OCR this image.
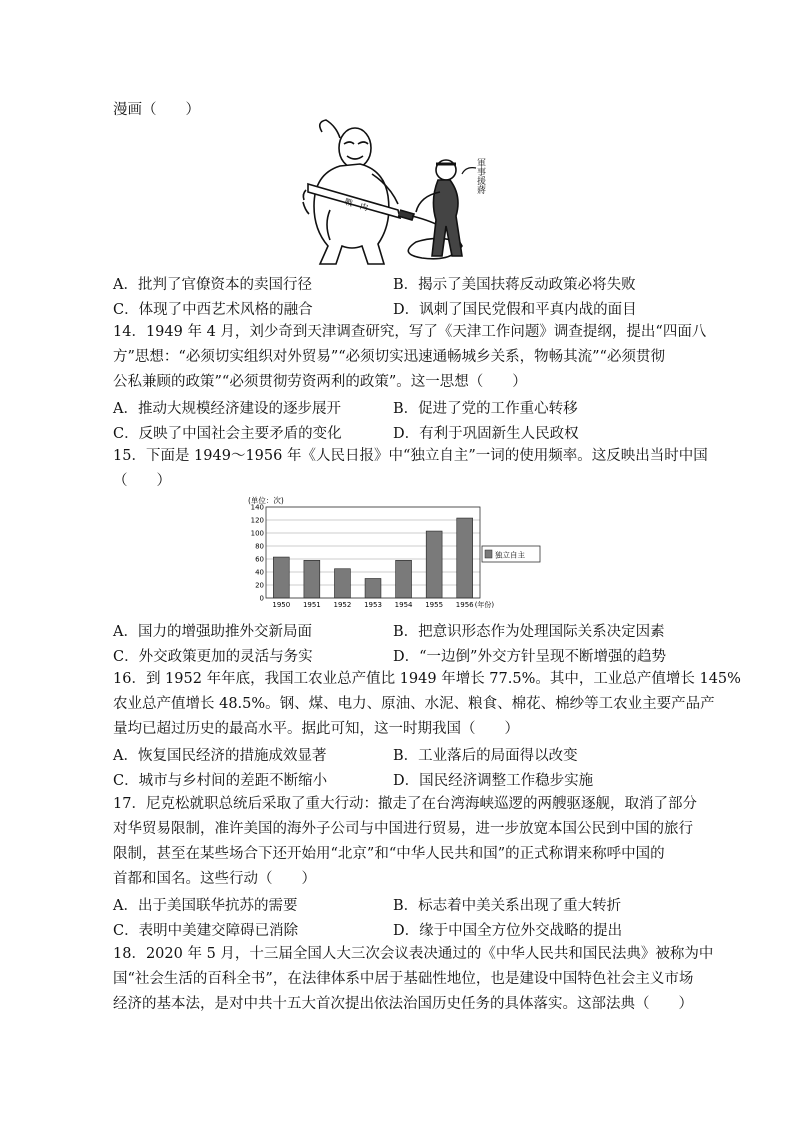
漫画（　　）
戰　内
軍事援蔣
A．批判了官僚资本的卖国行径	B．揭示了美国扶蒋反动政策必将失败
C．体现了中西艺术风格的融合	D．讽刺了国民党假和平真内战的面目
14．1949 年 4 月，刘少奇到天津调查研究，写了《天津工作问题》调查提纲，提出“四面八
方”思想：“必须切实组织对外贸易”“必须切实迅速通畅城乡关系，物畅其流”“必须贯彻
公私兼顾的政策”“必须贯彻劳资两利的政策”。这一思想（　　）
A．推动大规模经济建设的逐步展开	B．促进了党的工作重心转移
C．反映了中国社会主要矛盾的变化	D．有利于巩固新生人民政权
15．下面是 1949～1956 年《人民日报》中“独立自主”一词的使用频率。这反映出当时中国
（　　）
(单位：次)
0
20
40
60
80
100
120
140
1950 1951 1952 1953 1954 1955 1956 (年份)
独立自主
A．国力的增强助推外交新局面	B．把意识形态作为处理国际关系决定因素
C．外交政策更加的灵活与务实	D．“一边倒”外交方针呈现不断增强的趋势
16．到 1952 年年底，我国工农业总产值比 1949 年增长 77.5%。其中，工业总产值增长 145%
农业总产值增长 48.5%。钢、煤、电力、原油、水泥、粮食、棉花、棉纱等工农业主要产品产
量均已超过历史的最高水平。据此可知，这一时期我国（　　）
A．恢复国民经济的措施成效显著	B．工业落后的局面得以改变
C．城市与乡村间的差距不断缩小	D．国民经济调整工作稳步实施
17．尼克松就职总统后采取了重大行动：撤走了在台湾海峡巡逻的两艘驱逐舰，取消了部分
对华贸易限制，准许美国的海外子公司与中国进行贸易，进一步放宽本国公民到中国的旅行
限制，甚至在某些场合下还开始用“北京”和“中华人民共和国”的正式称谓来称呼中国的
首都和国名。这些行动（　　）
A．出于美国联华抗苏的需要	B．标志着中美关系出现了重大转折
C．表明中美建交障碍已消除	D．缘于中国全方位外交战略的提出
18．2020 年 5 月，十三届全国人大三次会议表决通过的《中华人民共和国民法典》被称为中
国“社会生活的百科全书”，在法律体系中居于基础性地位，也是建设中国特色社会主义市场
经济的基本法，是对中共十五大首次提出依法治国历史任务的具体落实。这部法典（　　）
